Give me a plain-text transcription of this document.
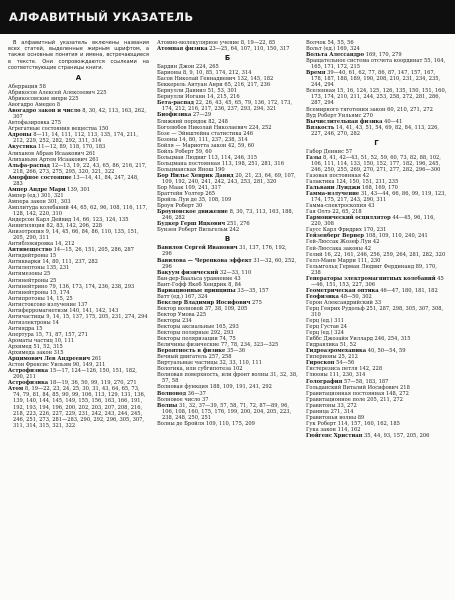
АЛФАВИТНЫЙ УКАЗАТЕЛЬ

В алфавитный указатель включены названия всех статей, выделенные жирным шрифтом, а также основные понятия и имена, встречающиеся в тексте. Они сопровождаются ссылками на соответствующие страницы книги.

А
Аберрация 58
Абрикосов Алексей Алексеевич 225
Абрикосовские вихри 225
Авогадро Амедео 8
Авогадро закон и число 8, 30, 42, 113, 163, 262, 307
Автофазировка 275
Агрегатные состояния вещества 150
Адроны 8—11, 14, 111, 112, 113, 135, 174, 211, 212, 229, 252, 282, 292, 311, 314
Акустика 11—12, 89, 118, 170, 183
Алиханов Абрам Исаакович 261
Алиханьян Артем Исаакович 261
Альфа-распад 12—13, 19, 22, 43, 65, 86, 216, 217, 218, 266, 273, 275, 295, 320, 321, 322
Аморфное состояние 13—14, 41, 84, 247, 248, 283
Ампер Андре Мари 139, 301
Ампер (ед.) 301, 321
Ампера закон 301, 303
Амплитуда колебаний 44, 65, 62, 96, 108, 116, 117, 128, 142, 220, 310
Андерсон Карл Дейвид 14, 66, 123, 124, 135
Аннигиляция 82, 83, 142, 206, 228
Анизотропия 9, 14, 45, 66, 84, 86, 110, 135, 151, 205, 290, 311
Антиблокировка 14, 212
Антивещество 14—15, 26, 151, 205, 286, 287
Антидейтроны 15
Антикварки 14, 80, 111, 237, 282
Антилептоны 135, 231
Антимезоны 25
Антинейтроны 25
Антинейтрино 79, 136, 173, 174, 236, 238, 293
Антинейтроны 15, 174
Антипротоны 14, 15, 25
Антистоксово излучение 137
Антиферромагнетизм 140, 141, 142, 143
Античастицы 9, 14, 15, 137, 175, 205, 231, 274, 294
Антиэлектроны 14
Антиядра 15
Апертура 15, 71, 87, 157, 271
Ароматы частиц 10, 111
Архимед 51, 52, 315
Архимеда закон 315
Арцимович Лев Андреевич 261
Астон Френсис Уильям 90, 149, 211
Астрофизика 15—17, 124—126, 150, 151, 182, 200, 211
Астрофизика 18—19, 36, 50, 99, 119, 270, 271
Атом 8, 19—22, 23, 24, 25, 30, 31, 43, 64, 65, 73, 74, 79, 81, 84, 85, 90, 99, 106, 113, 129, 131, 136, 139, 140, 144, 145, 149, 155, 156, 163, 166, 191, 192, 193, 194, 196, 200, 202, 203, 207, 208, 216, 218, 223, 226, 227, 229, 231, 242, 243, 244, 245, 246, 251, 273, 281—283, 290, 292, 296, 305, 307, 311, 314, 315, 321, 322
Атомно-молекулярное учение 8, 19—22, 85
Атомная физика 23—25, 64, 107, 110, 150, 317
Б
Бардин Джон 224, 265
Барионы 8, 9, 10, 85, 174, 212, 314
Басов Николай Геннадиевич 132, 145, 182
Беккерель Антуан Анри 65, 216, 217, 236
Бернулли Даниил 51, 53, 301
Бернулли Иоганн 14, 215, 216
Бета-распад 22, 26, 43, 45, 65, 79, 136, 172, 173, 174, 212, 216, 217, 236, 237, 293, 294, 321
Биофизика 27—29
Ближний порядок 82, 248
Боголюбов Николай Николаевич 224, 252
Бозе — Эйнштейна статистика 246
Бозоны 14, 80, 111, 237, 238, 314
Бойля — Мариотта закон 42, 59, 60
Бойль Роберт 59, 60
Больцман Людвиг 113, 114, 246, 315
Больцмана постоянная 113, 198, 251, 281, 316
Больцманская Янош 190
Бор Нильс Хенрик Давид 20, 21, 23, 64, 69, 107, 109, 192, 240, 241, 242, 243, 253, 281, 320
Бор Маак 109, 241, 317
Браттейн Уолтер 265
Бройль Луи де 35, 108, 109
Броун Роберт 30
Броуновское движение 8, 30, 73, 113, 163, 188, 246, 282
Будкер Герш Ицкович 251, 276
Бунзен Роберт Вильгельм 242
В
Вавилов Сергей Иванович 31, 137, 176, 192, 296
Вавилова — Черенкова эффект 31—32, 60, 252, 296
Вакуум физический 32—33, 110
Ван-дер-Ваальса уравнение 43
Вант-Гофф Якоб Хендрик 8, 84
Вариационные принципы 33—35, 157
Ватт (ед.) 167, 324
Векслер Владимир Иосифович 275
Вектор волновой 37, 38, 109, 205
Вектор Умова 225
Векторы 234
Векторы аксиальные 165, 293
Векторы полярные 292, 293
Векторы поляризации 74, 75
Величины физические 77, 78, 234, 323—325
Вероятность в физике 35—36
Вечный двигатель 257, 258
Виртуальные частицы 32, 33, 110, 111
Вологика, или субгипотеза 102
Волновая поверхность, или фронт волны 31, 32, 38, 57, 58
Волновая функция 188, 109, 191, 241, 292
Волновод 36—37
Волновое число 37
Волны 31, 32, 37—39, 57, 58, 71, 72, 87—89, 96, 106, 108, 160, 175, 176, 199, 200, 204, 205, 223, 238, 248, 250, 251
Волны де Бройля 109, 110, 175, 209
Волчок 54, 55, 56
Вольт (ед.) 169, 324
Вольта Алессандро 169, 170, 279
Вращательное система отсчета координат 55, 164, 165, 171, 172, 215
Время 39—40, 61, 62, 77, 86, 87, 147, 157, 167, 178, 187, 188, 189, 190, 208, 210, 231, 234, 235, 244, 294
Вселенная 15, 16, 124, 125, 126, 135, 150, 151, 160, 173, 174, 210, 211, 244, 253, 258, 272, 281, 286, 287, 294
Всемирного тяготения закон 60, 210, 271, 272
Вуд Роберт Уильямс 270
Вычислительная физика 40—41
Вязкость 14, 41, 43, 51, 54, 69, 82, 84, 113, 226, 227, 246, 270, 282
Г
Габор Деннис 57
Газы 8, 41, 42—43, 51, 52, 59, 60, 73, 82, 88, 102, 106, 111, 114, 133, 150, 152, 177, 182, 196, 245, 246, 250, 255, 269, 270, 271, 277, 282, 296—300
Газовая постоянная 42
Галактика 124, 150, 151, 211, 235
Гальвани Луиджи 168, 169, 170
Гамма-излучение 31, 43—44, 66, 86, 99, 119, 123, 174, 175, 217, 243, 290, 311
Гамма-спектроскопия 43
Гая Олтэ 22, 65, 218
Гармонический осциллятор 44—45, 96, 116, 220, 308
Гаусс Карл Фридрих 170, 231
Гейзенберг Вернер 108, 109, 110, 240, 241
Гей-Люссак Жозеф Луи 42
Гей-Люссака законы 42
Гелий 16, 22, 161, 246, 256, 259, 264, 281, 282, 320
Гелл-Манн Марри 111, 230
Гельмгольц Герман Людвиг Фердинанд 89, 170, 238
Генераторы электромагнитных колебаний 45—46, 151, 153, 227, 306
Геометрическая оптика 46—47, 180, 181, 182
Геофизика 48—50, 302
Герон Александрийский 33
Герц Генрих Рудольф 251, 287, 298, 305, 307, 308, 310
Герц (ед.) 311
Герц Густав 24
Герц (ед.) 324
Гиббс Джозайя Уиллард 246, 254, 315
Гидравлика 51, 52
Гидроаэромеханика 40, 50—54, 59
Гиперионы 25, 212
Гироскоп 54—56
Гистерезиса петля 142, 228
Глюоны 111, 230, 314
Голография 57—58, 183, 187
Гольданский Виталий Иосифович 218
Гравитационная постоянная 148, 272
Гравитационное поле 205, 211, 272
Гравитоны 33, 272
Граница 271, 314
Гравитоньи волны 89
Гук Роберт 114, 157, 160, 162, 185
Гука закон 114, 162
Гюйгенс Христиан 35, 44, 93, 157, 205, 206
